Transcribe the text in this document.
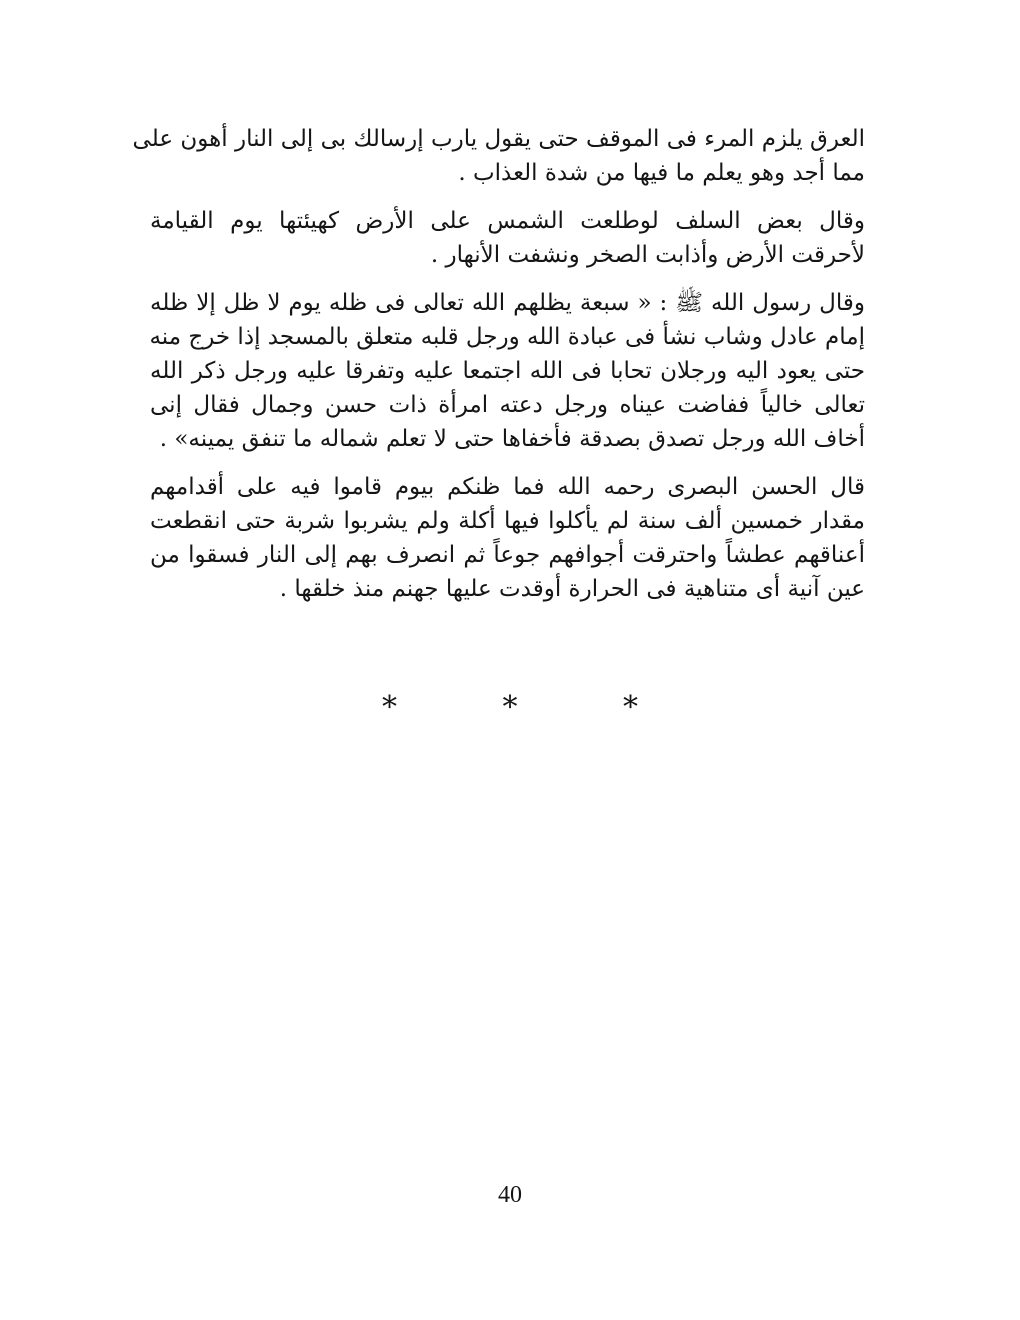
العرق يلزم المرء فى الموقف حتى يقول يارب إرسالك بى إلى النار أهون على
مما أجد وهو يعلم ما فيها من شدة العذاب .

وقال بعض السلف لوطلعت الشمس على الأرض كهيئتها يوم القيامة
لأحرقت الأرض وأذابت الصخر ونشفت الأنهار .

وقال رسول الله ﷺ : « سبعة يظلهم الله تعالى فى ظله يوم لا ظل إلا ظله
إمام عادل وشاب نشأ فى عبادة الله ورجل قلبه متعلق بالمسجد إذا خرج منه
حتى يعود اليه ورجلان تحابا فى الله اجتمعا عليه وتفرقا عليه ورجل ذكر الله
تعالى خالياً ففاضت عيناه ورجل دعته امرأة ذات حسن وجمال فقال إنى
أخاف الله ورجل تصدق بصدقة فأخفاها حتى لا تعلم شماله ما تنفق يمينه» .

قال الحسن البصرى رحمه الله فما ظنكم بيوم قاموا فيه على أقدامهم
مقدار خمسين ألف سنة لم يأكلوا فيها أكلة ولم يشربوا شربة حتى انقطعت
أعناقهم عطشاً واحترقت أجوافهم جوعاً ثم انصرف بهم إلى النار فسقوا من
عين آنية أى متناهية فى الحرارة أوقدت عليها جهنم منذ خلقها .

* * *
40
